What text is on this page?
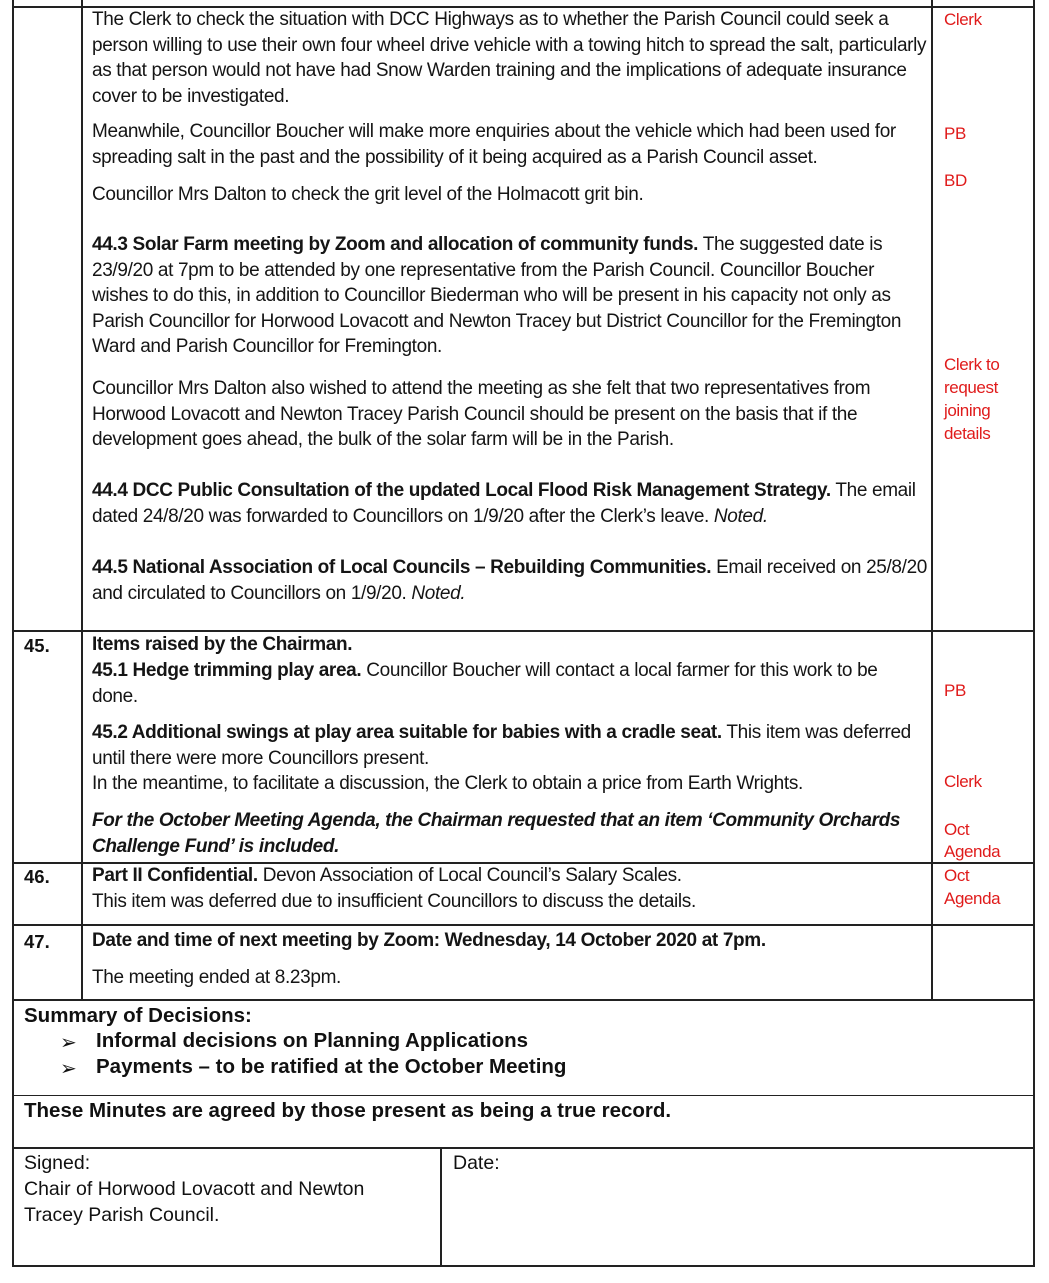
The Clerk to check the situation with DCC Highways as to whether the Parish Council could seek a person willing to use their own four wheel drive vehicle with a towing hitch to spread the salt, particularly as that person would not have had Snow Warden training and the implications of adequate insurance cover to be investigated.
Meanwhile, Councillor Boucher will make more enquiries about the vehicle which had been used for spreading salt in the past and the possibility of it being acquired as a Parish Council asset.
Councillor Mrs Dalton to check the grit level of the Holmacott grit bin.
44.3 Solar Farm meeting by Zoom and allocation of community funds. The suggested date is 23/9/20 at 7pm to be attended by one representative from the Parish Council. Councillor Boucher wishes to do this, in addition to Councillor Biederman who will be present in his capacity not only as Parish Councillor for Horwood Lovacott and Newton Tracey but District Councillor for the Fremington Ward and Parish Councillor for Fremington.
Councillor Mrs Dalton also wished to attend the meeting as she felt that two representatives from Horwood Lovacott and Newton Tracey Parish Council should be present on the basis that if the development goes ahead, the bulk of the solar farm will be in the Parish.
44.4 DCC Public Consultation of the updated Local Flood Risk Management Strategy. The email dated 24/8/20 was forwarded to Councillors on 1/9/20 after the Clerk’s leave. Noted.
44.5 National Association of Local Councils – Rebuilding Communities. Email received on 25/8/20 and circulated to Councillors on 1/9/20. Noted.
45. Items raised by the Chairman.
45.1 Hedge trimming play area. Councillor Boucher will contact a local farmer for this work to be done.
45.2 Additional swings at play area suitable for babies with a cradle seat. This item was deferred until there were more Councillors present.
In the meantime, to facilitate a discussion, the Clerk to obtain a price from Earth Wrights.
For the October Meeting Agenda, the Chairman requested that an item ‘Community Orchards Challenge Fund’ is included.
46. Part II Confidential. Devon Association of Local Council’s Salary Scales.
This item was deferred due to insufficient Councillors to discuss the details.
47. Date and time of next meeting by Zoom: Wednesday, 14 October 2020 at 7pm.
The meeting ended at 8.23pm.
Clerk
PB
BD
Clerk to
request
joining
details
PB
Clerk
Oct
Agenda
Oct
Agenda
Summary of Decisions:
➢ Informal decisions on Planning Applications
➢ Payments – to be ratified at the October Meeting
These Minutes are agreed by those present as being a true record.
Signed:
Chair of Horwood Lovacott and Newton
Tracey Parish Council.
Date:
